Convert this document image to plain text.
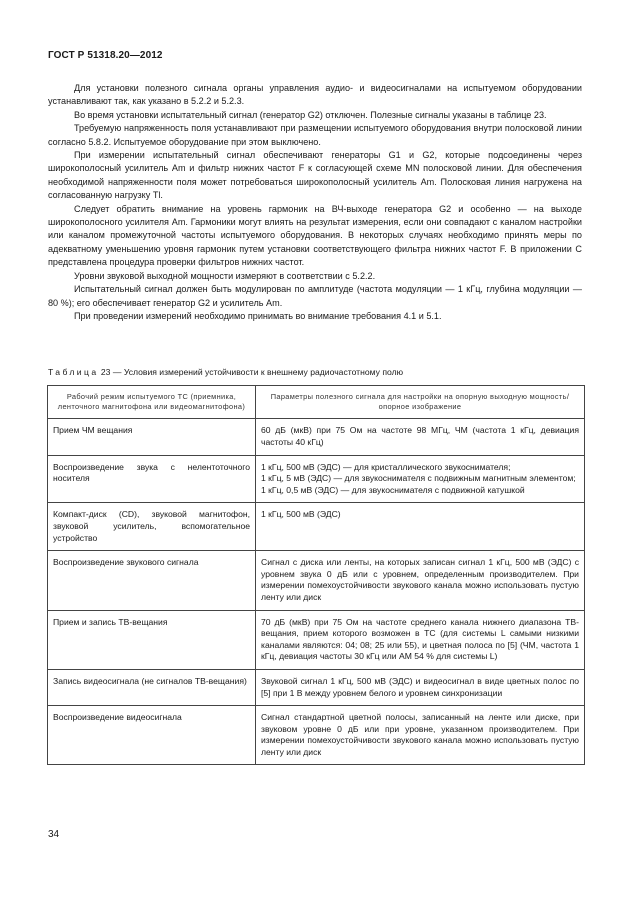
ГОСТ Р 51318.20—2012

Для установки полезного сигнала органы управления аудио- и видеосигналами на испытуемом оборудовании устанавливают так, как указано в 5.2.2 и 5.2.3.

Во время установки испытательный сигнал (генератор G2) отключен. Полезные сигналы указаны в таблице 23.

Требуемую напряженность поля устанавливают при размещении испытуемого оборудования внутри полосковой линии согласно 5.8.2. Испытуемое оборудование при этом выключено.

При измерении испытательный сигнал обеспечивают генераторы G1 и G2, которые подсоединены через широкополосный усилитель Am и фильтр нижних частот F к согласующей схеме MN полосковой линии. Для обеспечения необходимой напряженности поля может потребоваться широкополосный усилитель Am. Полосковая линия нагружена на согласованную нагрузку Tl.

Следует обратить внимание на уровень гармоник на ВЧ-выходе генератора G2 и особенно — на выходе широкополосного усилителя Am. Гармоники могут влиять на результат измерения, если они совпадают с каналом настройки или каналом промежуточной частоты испытуемого оборудования. В некоторых случаях необходимо принять меры по адекватному уменьшению уровня гармоник путем установки соответствующего фильтра нижних частот F. В приложении С представлена процедура проверки фильтров нижних частот.

Уровни звуковой выходной мощности измеряют в соответствии с 5.2.2.

Испытательный сигнал должен быть модулирован по амплитуде (частота модуляции — 1 кГц, глубина модуляции — 80 %); его обеспечивает генератор G2 и усилитель Am.

При проведении измерений необходимо принимать во внимание требования 4.1 и 5.1.

Таблица 23 — Условия измерений устойчивости к внешнему радиочастотному полю
Рабочий режим испытуемого ТС (приемника, ленточного магнитофона или видеомагнитофона)	Параметры полезного сигнала для настройки на опорную выходную мощность/опорное изображение
Прием ЧМ вещания	60 дБ (мкВ) при 75 Ом на частоте 98 МГц, ЧМ (частота 1 кГц, девиация частоты 40 кГц)
Воспроизведение звука с нелентоточного носителя	1 кГц, 500 мВ (ЭДС) — для кристаллического звукоснимателя;
1 кГц, 5 мВ (ЭДС) — для звукоснимателя с подвижным магнитным элементом;
1 кГц, 0,5 мВ (ЭДС) — для звукоснимателя с подвижной катушкой

Компакт-диск (CD), звуковой магнитофон, звуковой усилитель, вспомогательное устройство	1 кГц, 500 мВ (ЭДС)
Воспроизведение звукового сигнала	Сигнал с диска или ленты, на которых записан сигнал 1 кГц, 500 мВ (ЭДС) с уровнем звука 0 дБ или с уровнем, определенным производителем. При измерении помехоустойчивости звукового канала можно использовать пустую ленту или диск
Прием и запись ТВ-вещания	70 дБ (мкВ) при 75 Ом на частоте среднего канала нижнего диапазона ТВ-вещания, прием которого возможен в ТС (для системы L самыми низкими каналами являются: 04; 08; 25 или 55), и цветная полоса по [5] (ЧМ, частота 1 кГц, девиация частоты 30 кГц или АМ 54 % для системы L)
Запись видеосигнала (не сигналов ТВ-вещания)	Звуковой сигнал 1 кГц, 500 мВ (ЭДС) и видеосигнал в виде цветных полос по [5] при 1 В между уровнем белого и уровнем синхронизации
Воспроизведение видеосигнала	Сигнал стандартной цветной полосы, записанный на ленте или диске, при звуковом уровне 0 дБ или при уровне, указанном производителем. При измерении помехоустойчивости звукового канала можно использовать пустую ленту или диск
34
